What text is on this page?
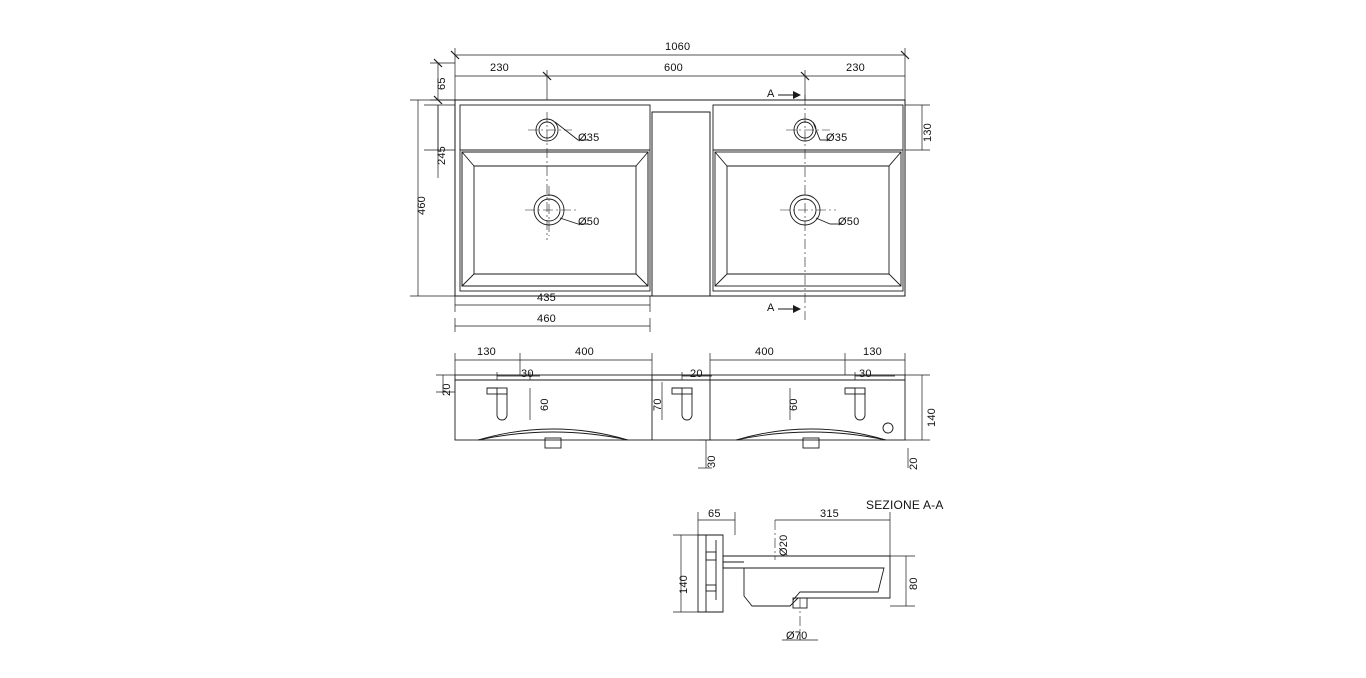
1060
230	600	230
65
245
460
130
Ø35	Ø35
Ø50	Ø50
A
A
435
460
130	400	400	130
30	20	30
20
60	70	60
30
140
20
SEZIONE A-A
65	315
Ø20
140	80
Ø70
